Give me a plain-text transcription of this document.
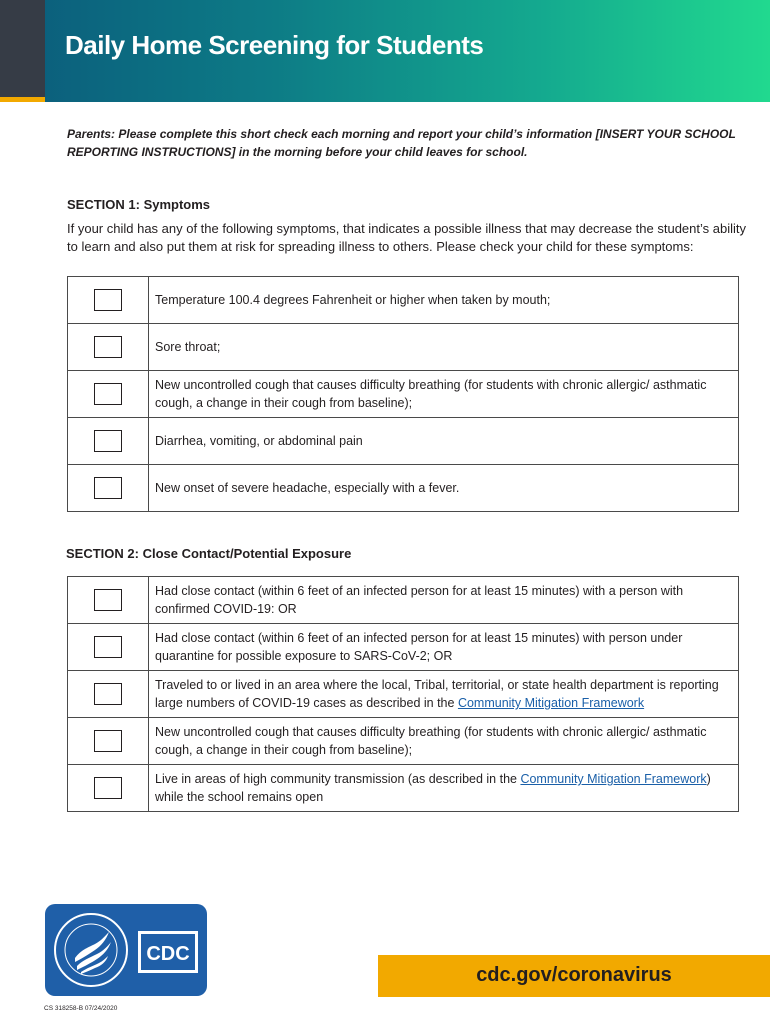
Daily Home Screening for Students

Parents: Please complete this short check each morning and report your child’s information [INSERT YOUR SCHOOL REPORTING INSTRUCTIONS] in the morning before your child leaves for school.

SECTION 1: Symptoms

If your child has any of the following symptoms, that indicates a possible illness that may decrease the student’s ability to learn and also put them at risk for spreading illness to others. Please check your child for these symptoms:

	Temperature 100.4 degrees Fahrenheit or higher when taken by mouth;
	Sore throat;
	New uncontrolled cough that causes difficulty breathing (for students with chronic allergic/ asthmatic cough, a change in their cough from baseline);
	Diarrhea, vomiting, or abdominal pain
	New onset of severe headache, especially with a fever.
SECTION 2: Close Contact/Potential Exposure
	Had close contact (within 6 feet of an infected person for at least 15 minutes) with a person with confirmed COVID-19: OR
	Had close contact (within 6 feet of an infected person for at least 15 minutes) with person under quarantine for possible exposure to SARS-CoV-2; OR
	Traveled to or lived in an area where the local, Tribal, territorial, or state health department is reporting large numbers of COVID-19 cases as described in the Community Mitigation Framework
	New uncontrolled cough that causes difficulty breathing (for students with chronic allergic/ asthmatic cough, a change in their cough from baseline);
	Live in areas of high community transmission (as described in the Community Mitigation Framework) while the school remains open
CDC
cdc.gov/coronavirus
CS 318258-B 07/24/2020
